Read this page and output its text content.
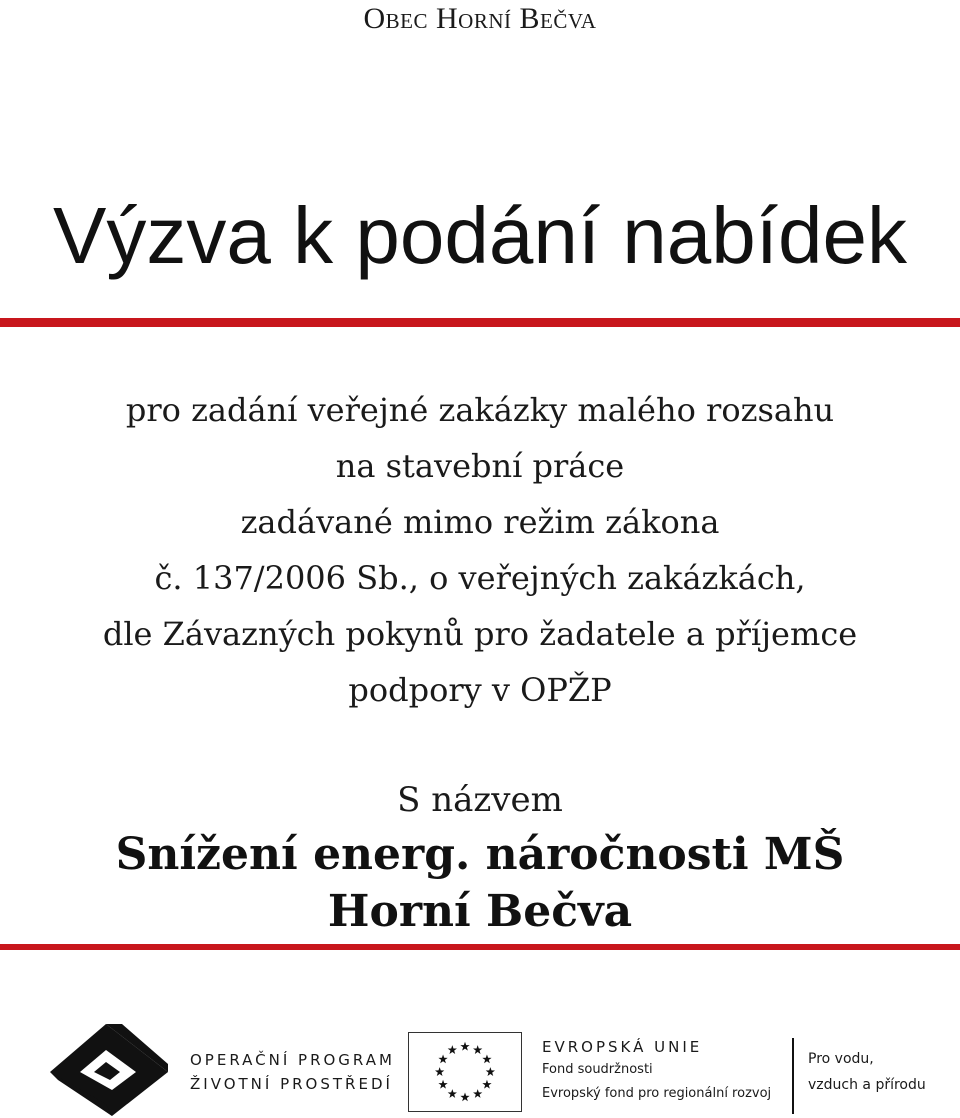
Obec Horní Bečva
Výzva k podání nabídek
pro zadání veřejné zakázky malého rozsahu
na stavební práce
zadávané mimo režim zákona
č. 137/2006 Sb., o veřejných zakázkách,
dle Závazných pokynů pro žadatele a příjemce
podpory v OPŽP
S názvem
Snížení energ. náročnosti MŠ Horní Bečva
OPERAČNÍ PROGRAM
ŽIVOTNÍ PROSTŘEDÍ
EVROPSKÁ UNIE
Fond soudržnosti
Evropský fond pro regionální rozvoj
Pro vodu,
vzduch a přírodu
